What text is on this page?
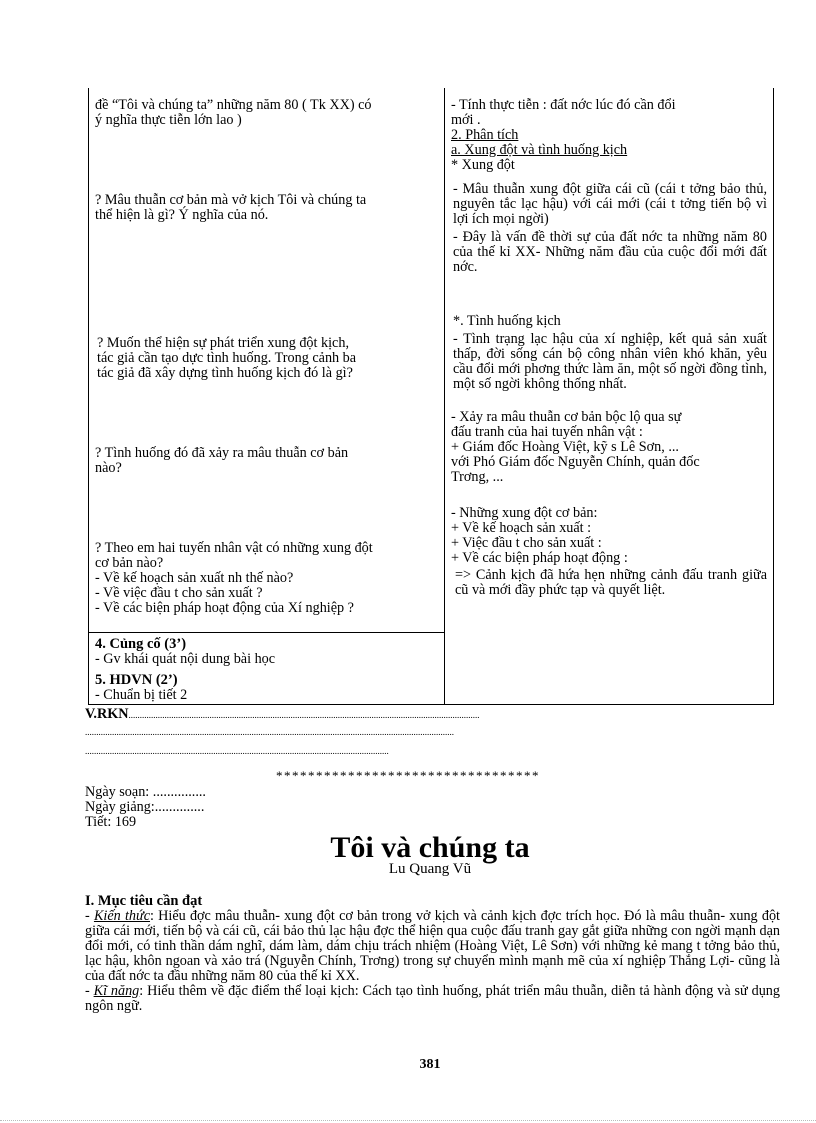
đề “Tôi và chúng ta” những năm 80 ( Tk XX) có

ý nghĩa thực tiễn lớn lao )

? Mâu thuẫn cơ bản mà vở kịch Tôi và chúng ta

thể hiện là gì? Ý nghĩa của nó.

? Muốn thể hiện sự phát triển xung đột kịch,

tác giả cần tạo dực tình huống. Trong cảnh ba

tác giả đã xây dựng tình huống kịch đó là gì?

? Tình huống đó đã xảy ra mâu thuẫn cơ bản

nào?

? Theo em hai tuyến nhân vật có những xung đột

cơ bản nào?

- Về kế hoạch sản xuất nh thế nào?

- Về việc đầu t cho sản xuất ?

- Về các biện pháp hoạt động của Xí nghiệp ?

4. Củng cố (3’)

- Gv khái quát nội dung bài học

5. HDVN (2’)

- Chuẩn bị tiết 2

- Tính thực tiễn : đất nớc lúc đó cần đổi

mới .

2. Phân tích

a. Xung đột và tình huống kịch

* Xung đột

- Mâu thuẫn xung đột giữa cái cũ (cái t tởng bảo thủ, nguyên tắc lạc hậu) với cái mới (cái t tởng tiến bộ vì lợi ích mọi ngời)

- Đây là vấn đề thời sự của đất nớc ta những năm 80 của thế kỉ XX- Những năm đầu của cuộc đổi mới đất nớc.

*. Tình huống kịch

- Tình trạng lạc hậu của xí nghiệp, kết quả sản xuất thấp, đời sống cán bộ công nhân viên khó khăn, yêu cầu đổi mới phơng thức làm ăn, một số ngời đồng tình, một số ngời không thống nhất.

- Xảy ra mâu thuẫn cơ bản bộc lộ qua sự

đấu tranh của hai tuyến nhân vật :

+ Giám đốc Hoàng Việt, kỹ s Lê Sơn, ...

với Phó Giám đốc Nguyễn Chính, quản đốc

Trơng, ...

- Những xung đột cơ bản:

+ Về kế hoạch sản xuất :

+ Việc đầu t cho sản xuất :

+ Về các biện pháp hoạt động :

=> Cảnh kịch đã hứa hẹn những cảnh đấu tranh giữa cũ và mới đầy phức tạp và quyết liệt.

V.RKN............................................................................................................................................................

....................................................................................................................................................................

.......................................................................................................................................

*********************************

Ngày soạn: ...............

Ngày giảng:..............

Tiết: 169

Tôi và chúng ta
Lu Quang Vũ

I. Mục tiêu cần đạt

- Kiến thức: Hiểu đợc mâu thuẫn- xung đột cơ bản trong vở kịch và cảnh kịch đợc trích học. Đó là mâu thuẫn- xung đột giữa cái mới, tiến bộ và cái cũ, cái bảo thủ lạc hậu đợc thể hiện qua cuộc đấu tranh gay gắt giữa những con ngời mạnh dạn đổi mới, có tinh thần dám nghĩ, dám làm, dám chịu trách nhiệm (Hoàng Việt, Lê Sơn) với những kẻ mang t tởng bảo thủ, lạc hậu, khôn ngoan và xảo trá (Nguyễn Chính, Trơng) trong sự chuyển mình mạnh mẽ của xí nghiệp Thắng Lợi- cũng là của đất nớc ta đầu những năm 80 của thế kỉ XX.

- Kĩ năng: Hiểu thêm về đặc điểm thể loại kịch: Cách tạo tình huống, phát triển mâu thuẫn, diễn tả hành động và sử dụng ngôn ngữ.

381
